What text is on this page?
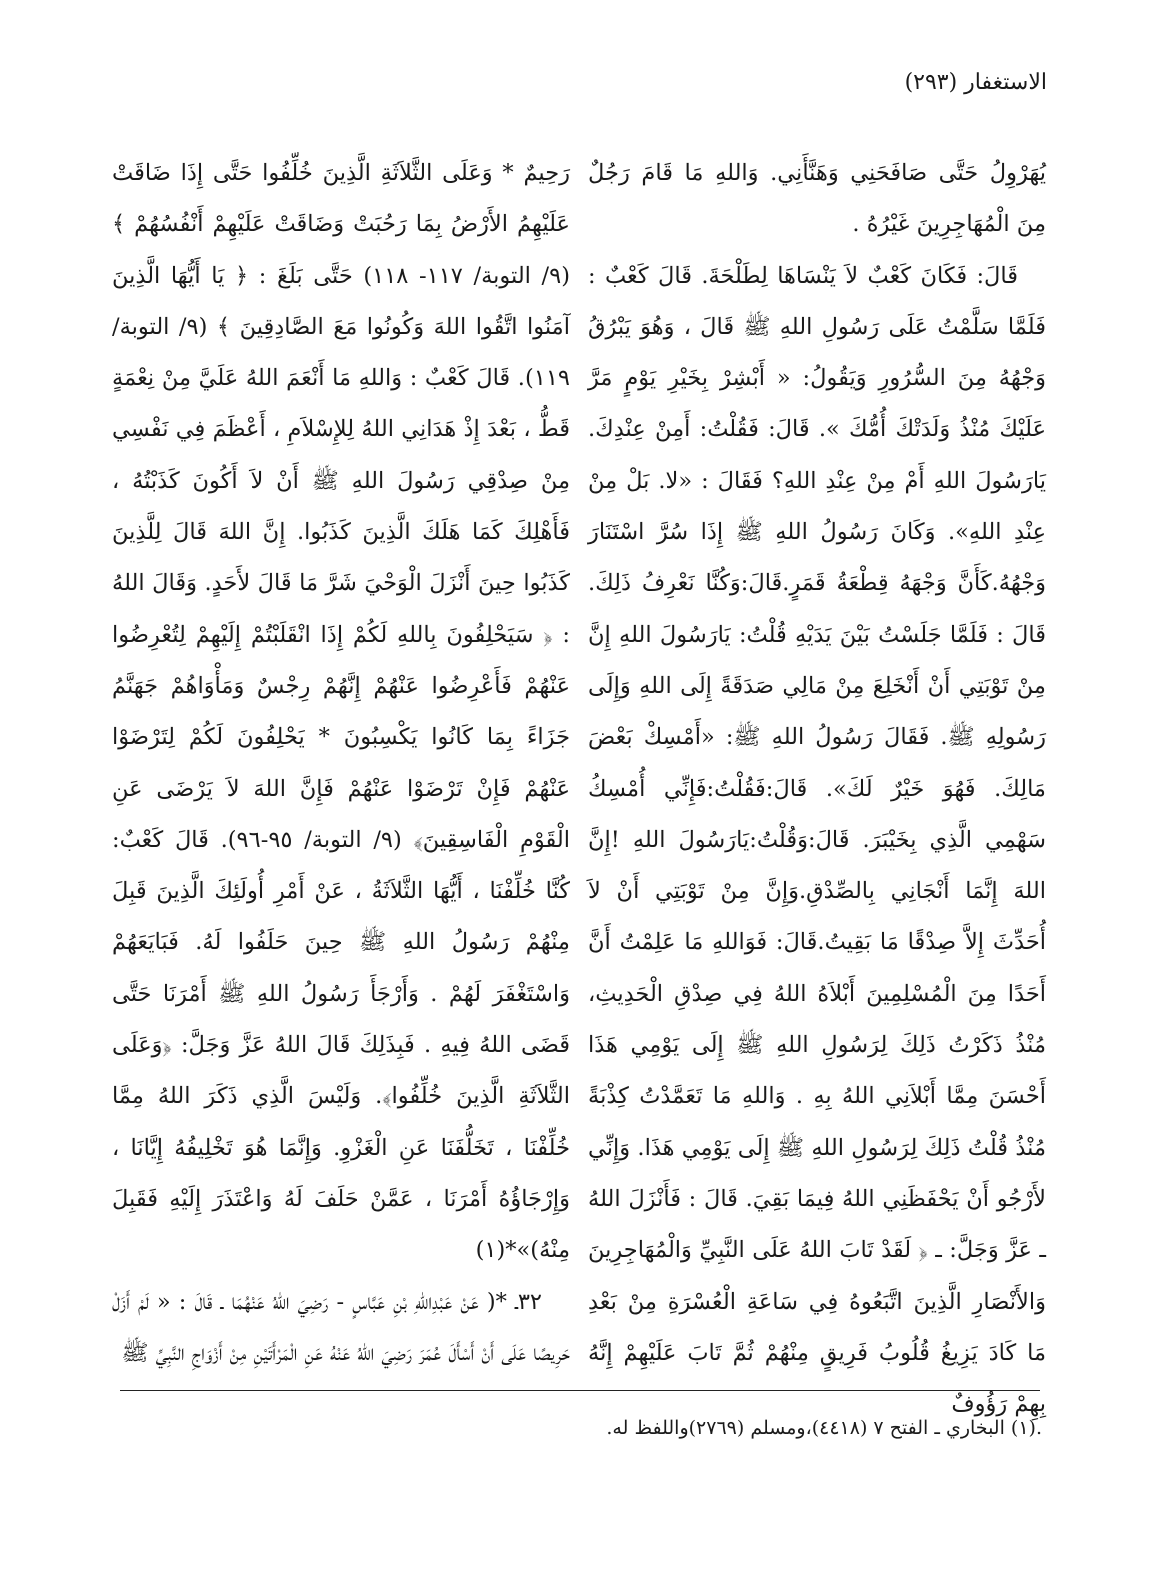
الاستغفار (٢٩٣)

يُهَرْوِلُ حَتَّى صَافَحَنِي وَهَنَّأَنِي. وَاللهِ مَا قَامَ رَجُلٌ مِنَ الْمُهَاجِرِينَ غَيْرُهُ .

قَالَ: فَكَانَ كَعْبٌ لاَ يَنْسَاهَا لِطَلْحَةَ. قَالَ كَعْبٌ : فَلَمَّا سَلَّمْتُ عَلَى رَسُولِ اللهِ ﷺ قَالَ ، وَهُوَ يَبْرُقُ وَجْهُهُ مِنَ السُّرُورِ وَيَقُولُ: « أَبْشِرْ بِخَيْرِ يَوْمٍ مَرَّ عَلَيْكَ مُنْذُ وَلَدَتْكَ أُمُّكَ ». قَالَ: فَقُلْتُ: أَمِنْ عِنْدِكَ. يَارَسُولَ اللهِ أَمْ مِنْ عِنْدِ اللهِ؟ فَقَالَ : «لا. بَلْ مِنْ عِنْدِ اللهِ». وَكَانَ رَسُولُ اللهِ ﷺ إِذَا سُرَّ اسْتَنَارَ وَجْهُهُ.كَأَنَّ وَجْهَهُ قِطْعَةُ قَمَرٍ.قَالَ:وَكُنَّا نَعْرِفُ ذَلِكَ. قَالَ : فَلَمَّا جَلَسْتُ بَيْنَ يَدَيْهِ قُلْتُ: يَارَسُولَ اللهِ إِنَّ مِنْ تَوْبَتِي أَنْ أَنْخَلِعَ مِنْ مَالِي صَدَقَةً إِلَى اللهِ وَإِلَى رَسُولِهِ ﷺ. فَقَالَ رَسُولُ اللهِ ﷺ: «أَمْسِكْ بَعْضَ مَالِكَ. فَهُوَ خَيْرٌ لَكَ». قَالَ:فَقُلْتُ:فَإِنِّي أُمْسِكُ سَهْمِي الَّذِي بِخَيْبَرَ. قَالَ:وَقُلْتُ:يَارَسُولَ اللهِ !إِنَّ اللهَ إِنَّمَا أَنْجَانِي بِالصِّدْقِ.وَإِنَّ مِنْ تَوْبَتِي أَنْ لاَ أُحَدِّثَ إِلاَّ صِدْقًا مَا بَقِيتُ.قَالَ: فَوَاللهِ مَا عَلِمْتُ أَنَّ أَحَدًا مِنَ الْمُسْلِمِينَ أَبْلاَهُ اللهُ فِي صِدْقِ الْحَدِيثِ، مُنْذُ ذَكَرْتُ ذَلِكَ لِرَسُولِ اللهِ ﷺ إِلَى يَوْمِي هَذَا أَحْسَنَ مِمَّا أَبْلاَنِي اللهُ بِهِ . وَاللهِ مَا تَعَمَّدْتُ كِذْبَةً مُنْذُ قُلْتُ ذَلِكَ لِرَسُولِ اللهِ ﷺ إِلَى يَوْمِي هَذَا. وَإِنِّي لأَرْجُو أَنْ يَحْفَظَنِي اللهُ فِيمَا بَقِيَ. قَالَ : فَأَنْزَلَ اللهُ ـ عَزَّ وَجَلَّ: ـ ﴿ لَقَدْ تَابَ اللهُ عَلَى النَّبِيِّ وَالْمُهَاجِرِينَ وَالأَنْصَارِ الَّذِينَ اتَّبَعُوهُ فِي سَاعَةِ الْعُسْرَةِ مِنْ بَعْدِ مَا كَادَ يَزِيغُ قُلُوبُ فَرِيقٍ مِنْهُمْ ثُمَّ تَابَ عَلَيْهِمْ إِنَّهُ بِهِمْ رَؤُوفٌ

رَحِيمٌ * وَعَلَى الثَّلاَثَةِ الَّذِينَ خُلِّفُوا حَتَّى إِذَا ضَاقَتْ عَلَيْهِمُ الأَرْضُ بِمَا رَحُبَتْ وَضَاقَتْ عَلَيْهِمْ أَنْفُسُهُمْ ﴾ (٩/ التوبة/ ١١٧- ١١٨) حَتَّى بَلَغَ : ﴿ يَا أَيُّهَا الَّذِينَ آمَنُوا اتَّقُوا اللهَ وَكُونُوا مَعَ الصَّادِقِينَ ﴾ (٩/ التوبة/ ١١٩). قَالَ كَعْبٌ : وَاللهِ مَا أَنْعَمَ اللهُ عَلَيَّ مِنْ نِعْمَةٍ قَطُّ ، بَعْدَ إِذْ هَدَانِي اللهُ لِلإِسْلاَمِ ، أَعْظَمَ فِي نَفْسِي مِنْ صِدْقِي رَسُولَ اللهِ ﷺ أَنْ لاَ أَكُونَ كَذَبْتُهُ ، فَأَهْلِكَ كَمَا هَلَكَ الَّذِينَ كَذَبُوا. إِنَّ اللهَ قَالَ لِلَّذِينَ كَذَبُوا حِينَ أَنْزَلَ الْوَحْيَ شَرَّ مَا قَالَ لأَحَدٍ. وَقَالَ اللهُ : ﴿ سَيَحْلِفُونَ بِاللهِ لَكُمْ إِذَا انْقَلَبْتُمْ إِلَيْهِمْ لِتُعْرِضُوا عَنْهُمْ فَأَعْرِضُوا عَنْهُمْ إِنَّهُمْ رِجْسٌ وَمَأْوَاهُمْ جَهَنَّمُ جَزَاءً بِمَا كَانُوا يَكْسِبُونَ * يَحْلِفُونَ لَكُمْ لِتَرْضَوْا عَنْهُمْ فَإِنْ تَرْضَوْا عَنْهُمْ فَإِنَّ اللهَ لاَ يَرْضَى عَنِ الْقَوْمِ الْفَاسِقِينَ﴾ (٩/ التوبة/ ٩٥-٩٦). قَالَ كَعْبٌ: كُنَّا خُلِّفْنَا ، أَيُّهَا الثَّلاَثَةُ ، عَنْ أَمْرِ أُولَئِكَ الَّذِينَ قَبِلَ مِنْهُمْ رَسُولُ اللهِ ﷺ حِينَ حَلَفُوا لَهُ. فَبَايَعَهُمْ وَاسْتَغْفَرَ لَهُمْ . وَأَرْجَأَ رَسُولُ اللهِ ﷺ أَمْرَنَا حَتَّى قَضَى اللهُ فِيهِ . فَبِذَلِكَ قَالَ اللهُ عَزَّ وَجَلَّ: ﴿وَعَلَى الثَّلاَثَةِ الَّذِينَ خُلِّفُوا﴾. وَلَيْسَ الَّذِي ذَكَرَ اللهُ مِمَّا خُلِّفْنَا ، تَخَلُّفَنَا عَنِ الْغَزْوِ. وَإِنَّمَا هُوَ تَخْلِيفُهُ إِيَّانَا ، وَإِرْجَاؤُهُ أَمْرَنَا ، عَمَّنْ حَلَفَ لَهُ وَاعْتَذَرَ إِلَيْهِ فَقَبِلَ مِنْهُ)»*(١)

٣٢ـ *( عَنْ عَبْدِاللهِ بْنِ عَبَّاسٍ - رَضِيَ اللهُ عَنْهُمَا ـ قَالَ : « لَمْ أَزَلْ حَرِيصًا عَلَى أَنْ أَسْأَلَ عُمَرَ رَضِيَ اللهُ عَنْهُ عَنِ الْمَرْأَتَيْنِ مِنْ أَزْوَاجِ النَّبِيِّ ﷺ

.(١) البخاري ـ الفتح ٧ (٤٤١٨)،ومسلم (٢٧٦٩)واللفظ له.
